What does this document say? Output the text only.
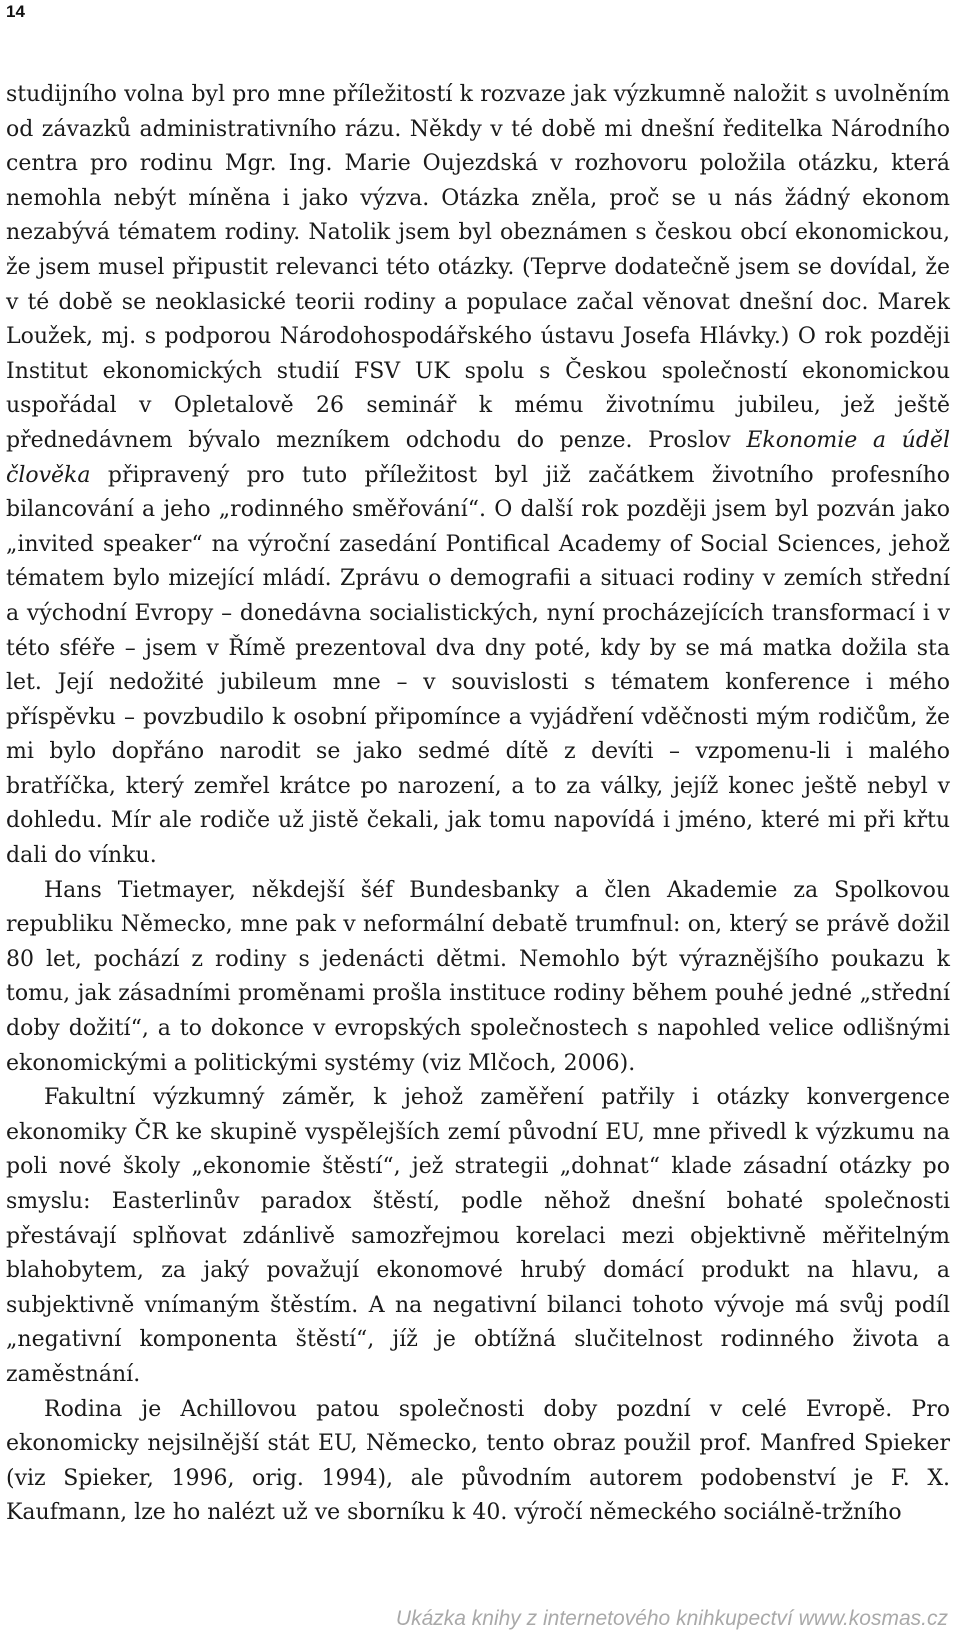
14

studijního volna byl pro mne příležitostí k rozvaze jak výzkumně naložit s uvolněním od závazků administrativního rázu. Někdy v té době mi dnešní ředitelka Národního centra pro rodinu Mgr. Ing. Marie Oujezdská v rozhovoru položila otázku, která nemohla nebýt míněna i jako výzva. Otázka zněla, proč se u nás žádný ekonom nezabývá tématem rodiny. Natolik jsem byl obeznámen s českou obcí ekonomickou, že jsem musel připustit relevanci této otázky. (Teprve dodatečně jsem se dovídal, že v té době se neoklasické teorii rodiny a populace začal věnovat dnešní doc. Marek Loužek, mj. s podporou Národohospodářského ústavu Josefa Hlávky.) O rok později Institut ekonomických studií FSV UK spolu s Českou společností ekonomickou uspořádal v Opletalově 26 seminář k mému životnímu jubileu, jež ještě přednedávnem bývalo mezníkem odchodu do penze. Proslov Ekonomie a úděl člověka připravený pro tuto příležitost byl již začátkem životního profesního bilancování a jeho „rodinného směřování“. O další rok později jsem byl pozván jako „invited speaker“ na výroční zasedání Pontifical Academy of Social Sciences, jehož tématem bylo mizející mládí. Zprávu o demografii a situaci rodiny v zemích střední a východní Evropy – donedávna socialistických, nyní procházejících transformací i v této sféře – jsem v Římě prezentoval dva dny poté, kdy by se má matka dožila sta let. Její nedožité jubileum mne – v souvislosti s tématem konference i mého příspěvku – povzbudilo k osobní připomínce a vyjádření vděčnosti mým rodičům, že mi bylo dopřáno narodit se jako sedmé dítě z devíti – vzpomenu-li i malého bratříčka, který zemřel krátce po narození, a to za války, jejíž konec ještě nebyl v dohledu. Mír ale rodiče už jistě čekali, jak tomu napovídá i jméno, které mi při křtu dali do vínku.

Hans Tietmayer, někdejší šéf Bundesbanky a člen Akademie za Spolkovou republiku Německo, mne pak v neformální debatě trumfnul: on, který se právě dožil 80 let, pochází z rodiny s jedenácti dětmi. Nemohlo být výraznějšího poukazu k tomu, jak zásadními proměnami prošla instituce rodiny během pouhé jedné „střední doby dožití“, a to dokonce v evropských společnostech s napohled velice odlišnými ekonomickými a politickými systémy (viz Mlčoch, 2006).

Fakultní výzkumný záměr, k jehož zaměření patřily i otázky konvergence ekonomiky ČR ke skupině vyspělejších zemí původní EU, mne přivedl k výzkumu na poli nové školy „ekonomie štěstí“, jež strategii „dohnat“ klade zásadní otázky po smyslu: Easterlinův paradox štěstí, podle něhož dnešní bohaté společnosti přestávají splňovat zdánlivě samozřejmou korelaci mezi objektivně měřitelným blahobytem, za jaký považují ekonomové hrubý domácí produkt na hlavu, a subjektivně vnímaným štěstím. A na negativní bilanci tohoto vývoje má svůj podíl „negativní komponenta štěstí“, jíž je obtížná slučitelnost rodinného života a zaměstnání.

Rodina je Achillovou patou společnosti doby pozdní v celé Evropě. Pro ekonomicky nejsilnější stát EU, Německo, tento obraz použil prof. Manfred Spieker (viz Spieker, 1996, orig. 1994), ale původním autorem podobenství je F. X. Kaufmann, lze ho nalézt už ve sborníku k 40. výročí německého sociálně-tržního

Ukázka knihy z internetového knihkupectví www.kosmas.cz
